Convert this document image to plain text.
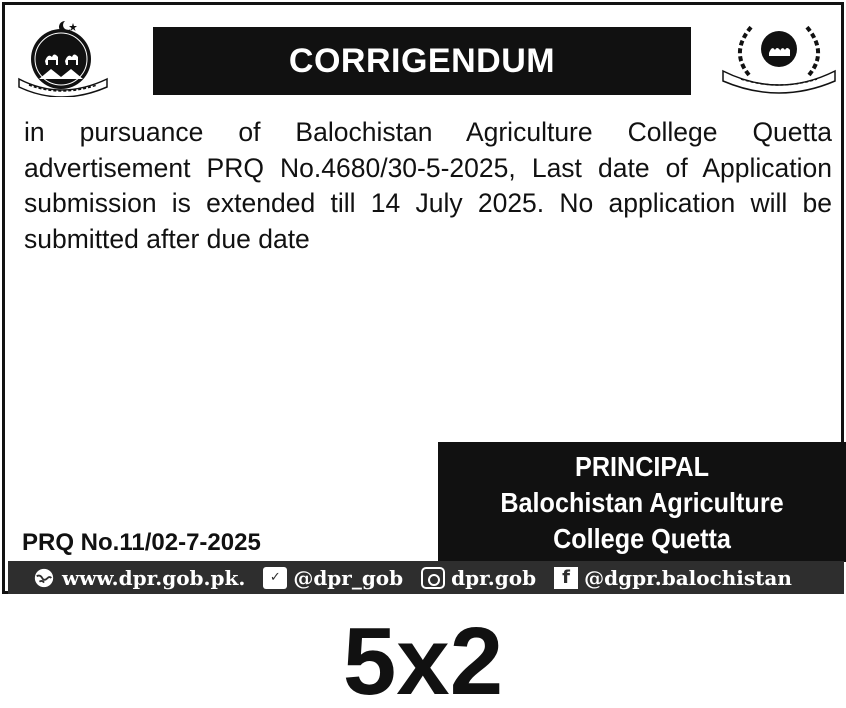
CORRIGENDUM

in pursuance of Balochistan Agriculture College Quetta advertisement PRQ No.4680/30-5-2025, Last date of Application submission is extended till 14 July 2025. No application will be submitted after due date

PRINCIPAL
Balochistan Agriculture
College Quetta
PRQ No.11/02-7-2025
www.dpr.gob.pk.	✓ @dpr_gob dpr.gob	f @dgpr.balochistan
5x2
